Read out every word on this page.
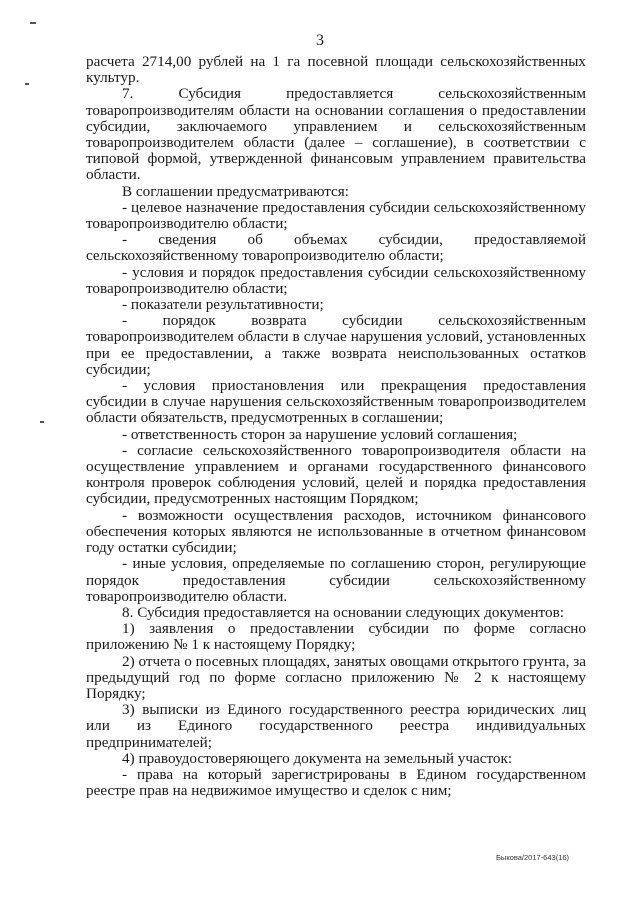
3

расчета 2714,00 рублей на 1 га посевной площади сельскохозяйственных культур.

7. Субсидия предоставляется сельскохозяйственным товаропроизводителям области на основании соглашения о предоставлении субсидии, заключаемого управлением и сельскохозяйственным товаропроизводителем области (далее – соглашение), в соответствии с типовой формой, утвержденной финансовым управлением правительства области.

В соглашении предусматриваются:

- целевое назначение предоставления субсидии сельскохозяйственному товаропроизводителю области;

- сведения об объемах субсидии, предоставляемой сельскохозяйственному товаропроизводителю области;

- условия и порядок предоставления субсидии сельскохозяйственному товаропроизводителю области;

- показатели результативности;

- порядок возврата субсидии сельскохозяйственным товаропроизводителем области в случае нарушения условий, установленных при ее предоставлении, а также возврата неиспользованных остатков субсидии;

- условия приостановления или прекращения предоставления субсидии в случае нарушения сельскохозяйственным товаропроизводителем области обязательств, предусмотренных в соглашении;

- ответственность сторон за нарушение условий соглашения;

- согласие сельскохозяйственного товаропроизводителя области на осуществление управлением и органами государственного финансового контроля проверок соблюдения условий, целей и порядка предоставления субсидии, предусмотренных настоящим Порядком;

- возможности осуществления расходов, источником финансового обеспечения которых являются не использованные в отчетном финансовом году остатки субсидии;

- иные условия, определяемые по соглашению сторон, регулирующие порядок предоставления субсидии сельскохозяйственному товаропроизводителю области.

8. Субсидия предоставляется на основании следующих документов:

1) заявления о предоставлении субсидии по форме согласно приложению № 1 к настоящему Порядку;

2) отчета о посевных площадях, занятых овощами открытого грунта, за предыдущий год по форме согласно приложению № 2 к настоящему Порядку;

3) выписки из Единого государственного реестра юридических лиц или из Единого государственного реестра индивидуальных предпринимателей;

4) правоудостоверяющего документа на земельный участок:

- права на который зарегистрированы в Едином государственном реестре прав на недвижимое имущество и сделок с ним;

Быкова/2017-643(16)
